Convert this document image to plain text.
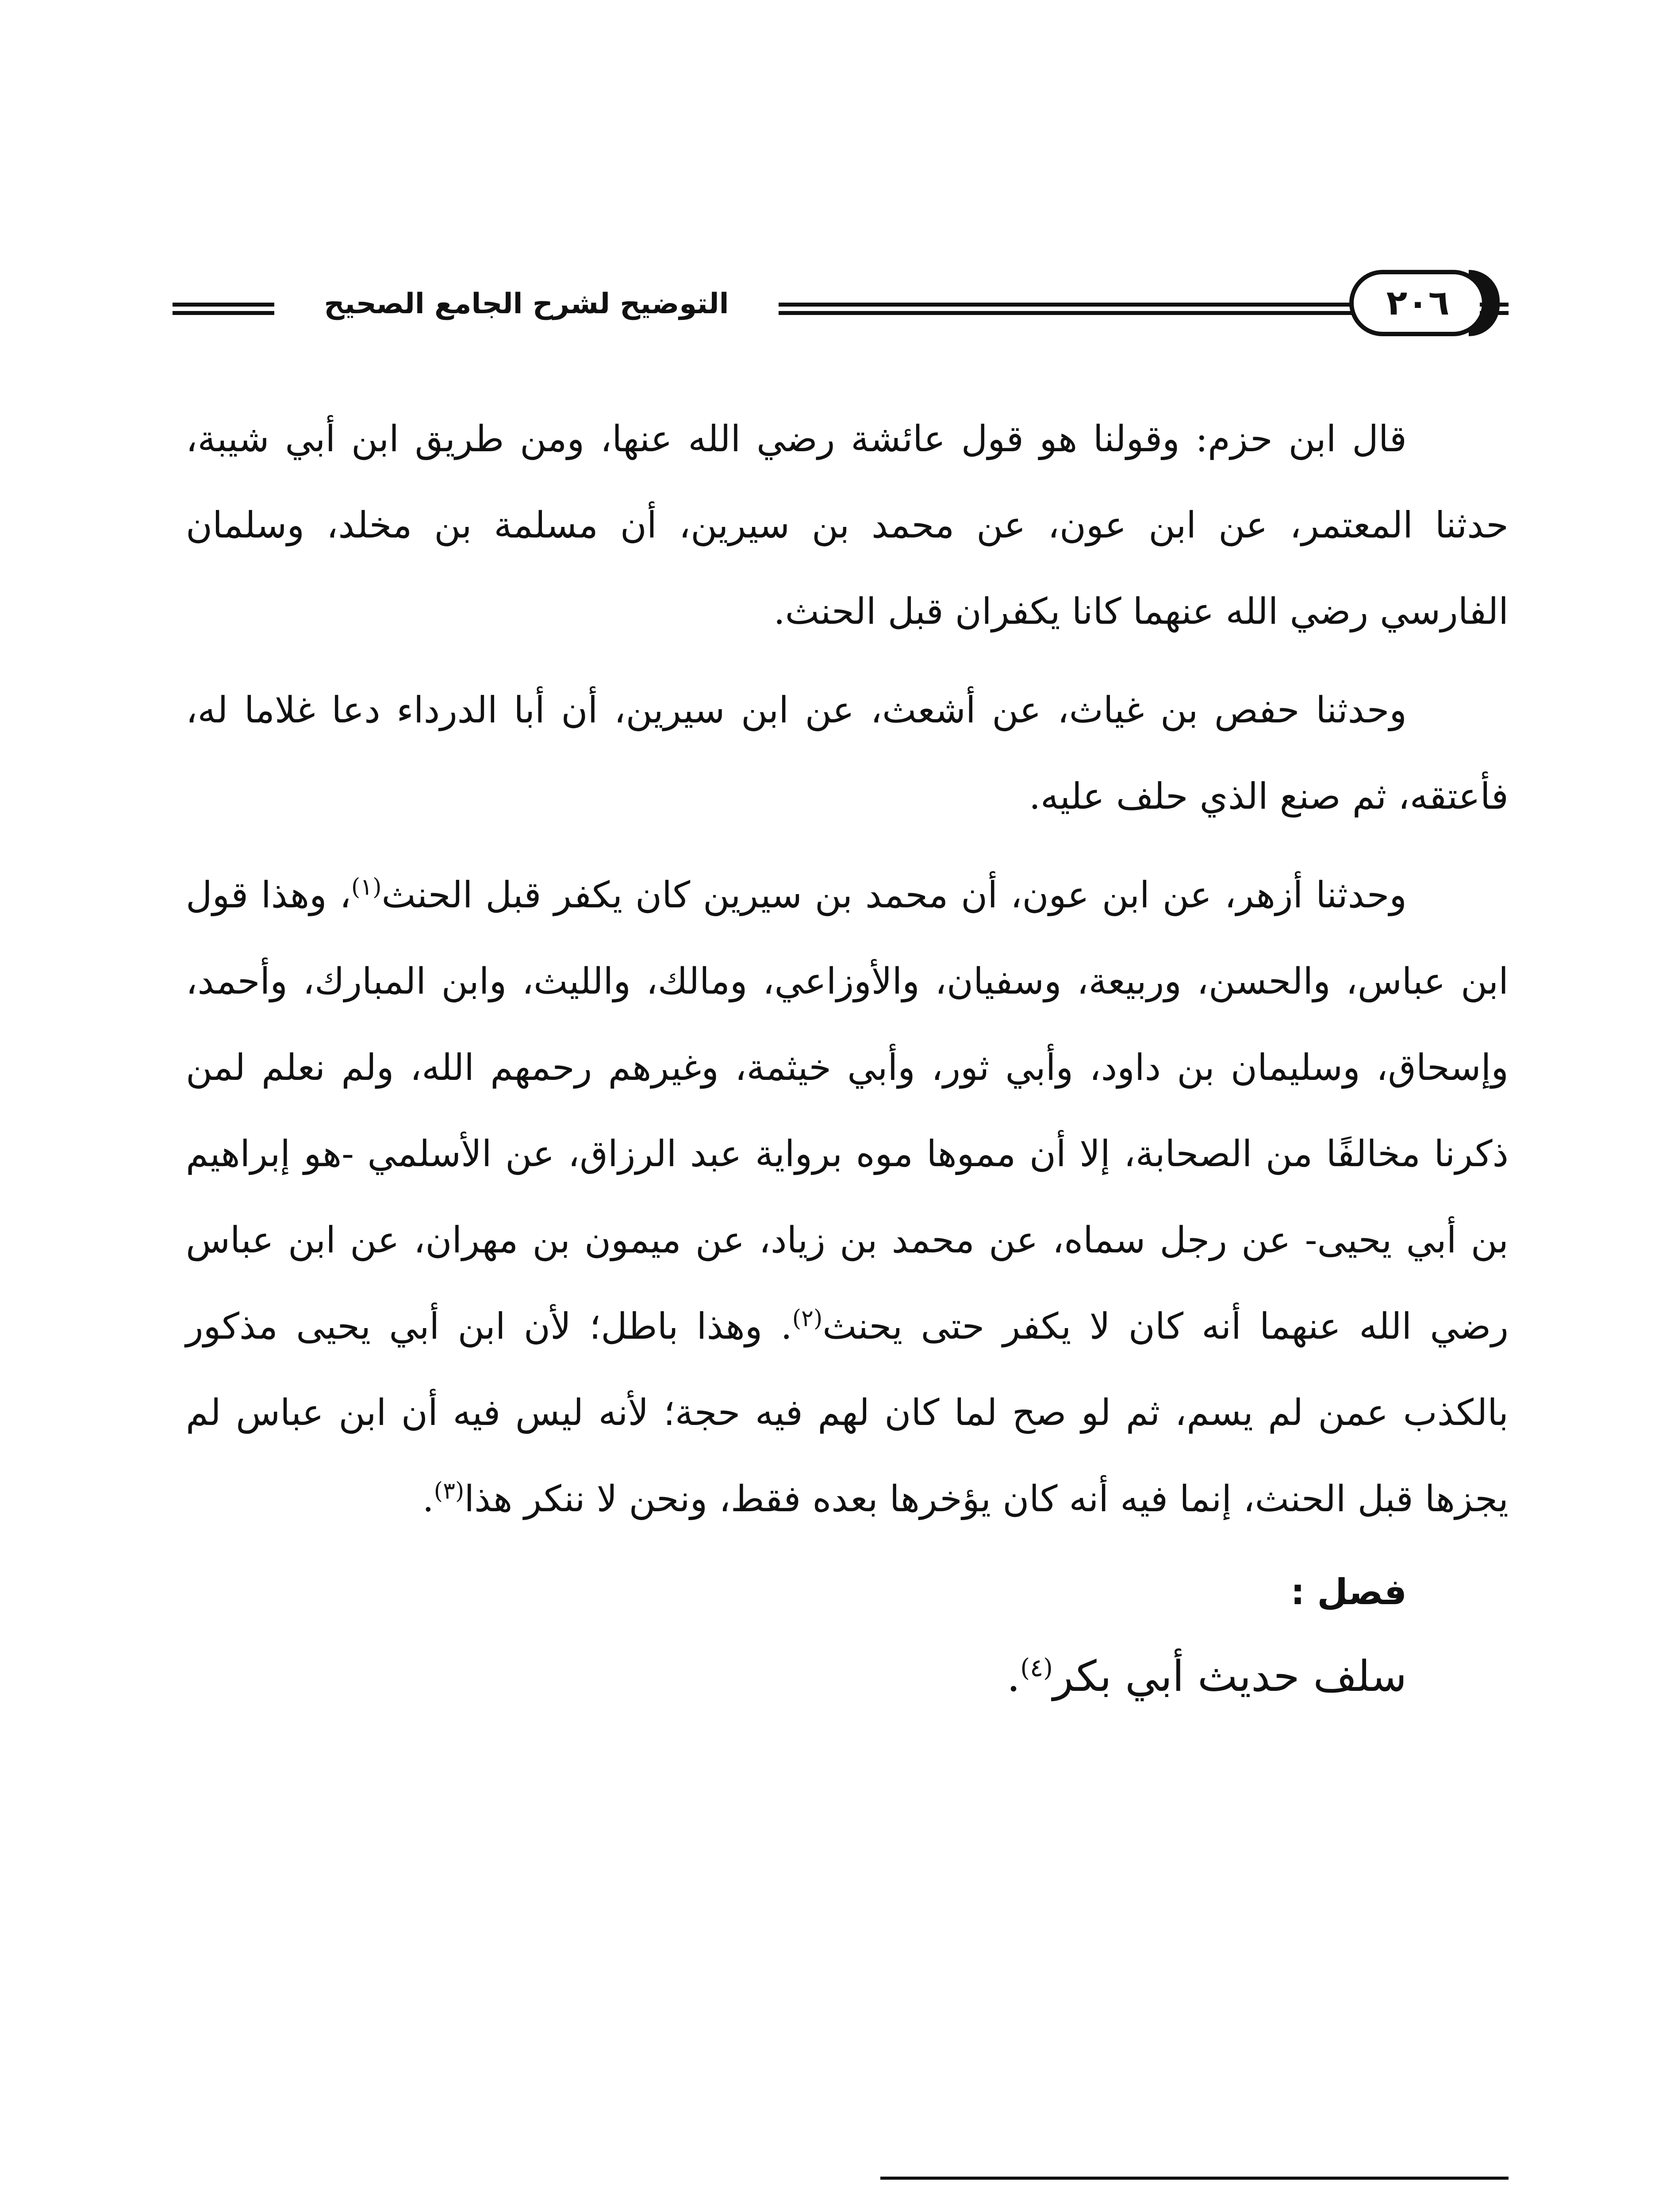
التوضيح لشرح الجامع الصحيح	٢٠٦

قال ابن حزم: وقولنا هو قول عائشة رضي الله عنها، ومن طريق ابن أبي شيبة، حدثنا المعتمر، عن ابن عون، عن محمد بن سيرين، أن مسلمة بن مخلد، وسلمان الفارسي رضي الله عنهما كانا يكفران قبل الحنث.

وحدثنا حفص بن غياث، عن أشعث، عن ابن سيرين، أن أبا الدرداء دعا غلاما له، فأعتقه، ثم صنع الذي حلف عليه.

وحدثنا أزهر، عن ابن عون، أن محمد بن سيرين كان يكفر قبل الحنث$^{(١)}$، وهذا قول ابن عباس، والحسن، وربيعة، وسفيان، والأوزاعي، ومالك، والليث، وابن المبارك، وأحمد، وإسحاق، وسليمان بن داود، وأبي ثور، وأبي خيثمة، وغيرهم رحمهم الله، ولم نعلم لمن ذكرنا مخالفًا من الصحابة، إلا أن مموها موه برواية عبد الرزاق، عن الأسلمي -هو إبراهيم بن أبي يحيى- عن رجل سماه، عن محمد بن زياد، عن ميمون بن مهران، عن ابن عباس رضي الله عنهما أنه كان لا يكفر حتى يحنث$^{(٢)}$. وهذا باطل؛ لأن ابن أبي يحيى مذكور بالكذب عمن لم يسم، ثم لو صح لما كان لهم فيه حجة؛ لأنه ليس فيه أن ابن عباس لم يجزها قبل الحنث، إنما فيه أنه كان يؤخرها بعده فقط، ونحن لا ننكر هذا$^{(٣)}$.

فصل :
سلف حديث أبي بكر$^{(٤)}$.
